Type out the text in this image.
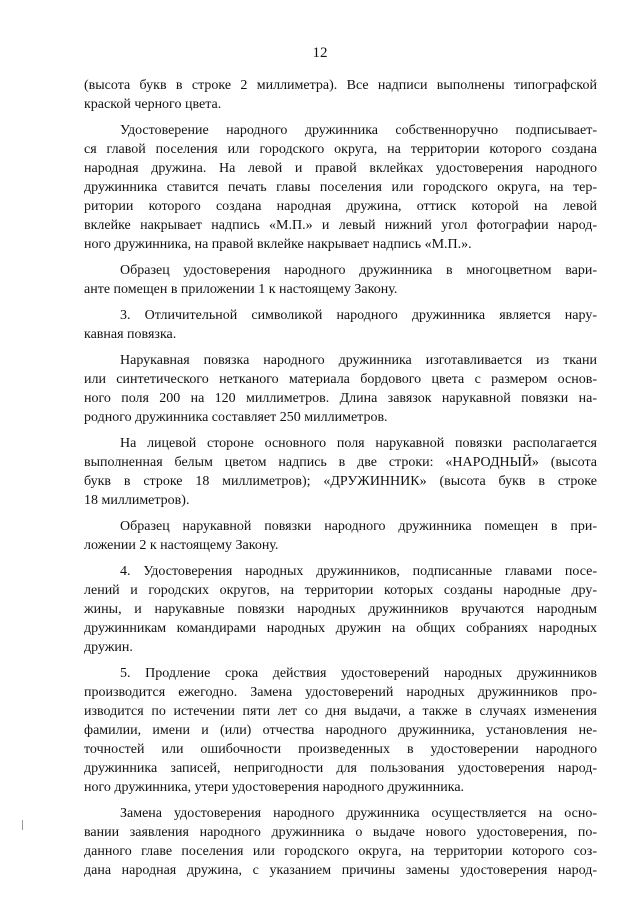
12

(высота букв в строке 2 миллиметра). Все надписи выполнены типографской
краской черного цвета.

Удостоверение народного дружинника собственноручно подписывает-
ся главой поселения или городского округа, на территории которого создана
народная дружина. На левой и правой вклейках удостоверения народного
дружинника ставится печать главы поселения или городского округа, на тер-
ритории которого создана народная дружина, оттиск которой на левой
вклейке накрывает надпись «М.П.» и левый нижний угол фотографии народ-
ного дружинника, на правой вклейке накрывает надпись «М.П.».

Образец удостоверения народного дружинника в многоцветном вари-
анте помещен в приложении 1 к настоящему Закону.

3. Отличительной символикой народного дружинника является нару-
кавная повязка.

Нарукавная повязка народного дружинника изготавливается из ткани
или синтетического нетканого материала бордового цвета с размером основ-
ного поля 200 на 120 миллиметров. Длина завязок нарукавной повязки на-
родного дружинника составляет 250 миллиметров.

На лицевой стороне основного поля нарукавной повязки располагается
выполненная белым цветом надпись в две строки: «НАРОДНЫЙ» (высота
букв в строке 18 миллиметров); «ДРУЖИННИК» (высота букв в строке
18 миллиметров).

Образец нарукавной повязки народного дружинника помещен в при-
ложении 2 к настоящему Закону.

4. Удостоверения народных дружинников, подписанные главами посе-
лений и городских округов, на территории которых созданы народные дру-
жины, и нарукавные повязки народных дружинников вручаются народным
дружинникам командирами народных дружин на общих собраниях народных
дружин.

5. Продление срока действия удостоверений народных дружинников
производится ежегодно. Замена удостоверений народных дружинников про-
изводится по истечении пяти лет со дня выдачи, а также в случаях изменения
фамилии, имени и (или) отчества народного дружинника, установления не-
точностей или ошибочности произведенных в удостоверении народного
дружинника записей, непригодности для пользования удостоверения народ-
ного дружинника, утери удостоверения народного дружинника.

Замена удостоверения народного дружинника осуществляется на осно-
вании заявления народного дружинника о выдаче нового удостоверения, по-
данного главе поселения или городского округа, на территории которого соз-
дана народная дружина, с указанием причины замены удостоверения народ-
